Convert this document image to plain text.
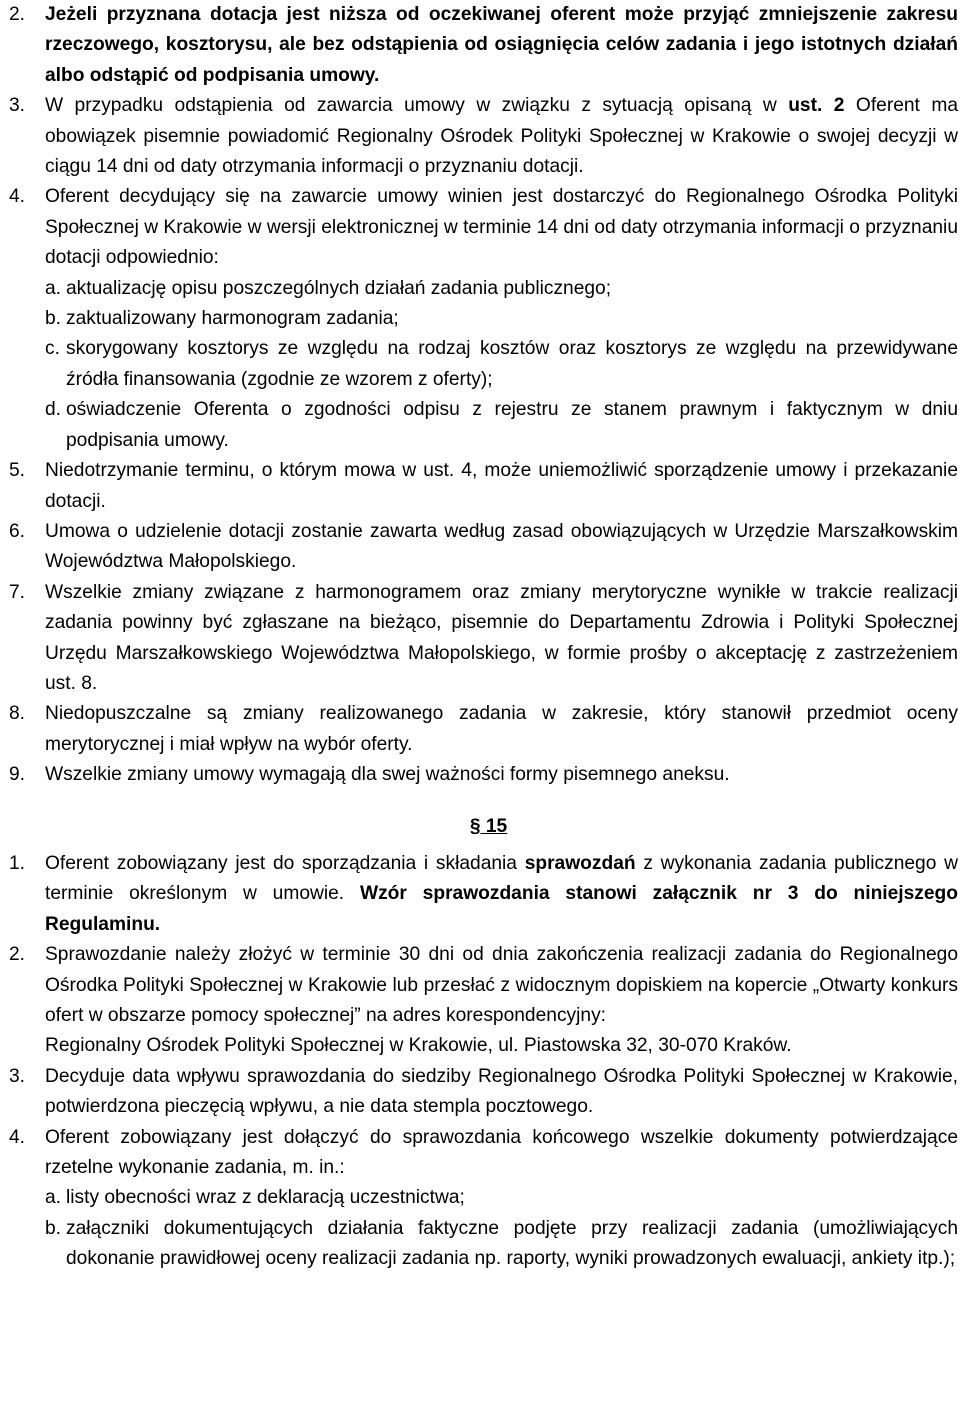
2. Jeżeli przyznana dotacja jest niższa od oczekiwanej oferent może przyjąć zmniejszenie zakresu rzeczowego, kosztorysu, ale bez odstąpienia od osiągnięcia celów zadania i jego istotnych działań albo odstąpić od podpisania umowy.
3. W przypadku odstąpienia od zawarcia umowy w związku z sytuacją opisaną w ust. 2 Oferent ma obowiązek pisemnie powiadomić Regionalny Ośrodek Polityki Społecznej w Krakowie o swojej decyzji w ciągu 14 dni od daty otrzymania informacji o przyznaniu dotacji.
4. Oferent decydujący się na zawarcie umowy winien jest dostarczyć do Regionalnego Ośrodka Polityki Społecznej w Krakowie w wersji elektronicznej w terminie 14 dni od daty otrzymania informacji o przyznaniu dotacji odpowiednio:
a. aktualizację opisu poszczególnych działań zadania publicznego;
b. zaktualizowany harmonogram zadania;
c. skorygowany kosztorys ze względu na rodzaj kosztów oraz kosztorys ze względu na przewidywane źródła finansowania (zgodnie ze wzorem z oferty);
d. oświadczenie Oferenta o zgodności odpisu z rejestru ze stanem prawnym i faktycznym w dniu podpisania umowy.
5. Niedotrzymanie terminu, o którym mowa w ust. 4, może uniemożliwić sporządzenie umowy i przekazanie dotacji.
6. Umowa o udzielenie dotacji zostanie zawarta według zasad obowiązujących w Urzędzie Marszałkowskim Województwa Małopolskiego.
7. Wszelkie zmiany związane z harmonogramem oraz zmiany merytoryczne wynikłe w trakcie realizacji zadania powinny być zgłaszane na bieżąco, pisemnie do Departamentu Zdrowia i Polityki Społecznej Urzędu Marszałkowskiego Województwa Małopolskiego, w formie prośby o akceptację z zastrzeżeniem ust. 8.
8. Niedopuszczalne są zmiany realizowanego zadania w zakresie, który stanowił przedmiot oceny merytorycznej i miał wpływ na wybór oferty.
9. Wszelkie zmiany umowy wymagają dla swej ważności formy pisemnego aneksu.
§ 15
1. Oferent zobowiązany jest do sporządzania i składania sprawozdań z wykonania zadania publicznego w terminie określonym w umowie. Wzór sprawozdania stanowi załącznik nr 3 do niniejszego Regulaminu.
2. Sprawozdanie należy złożyć w terminie 30 dni od dnia zakończenia realizacji zadania do Regionalnego Ośrodka Polityki Społecznej w Krakowie lub przesłać z widocznym dopiskiem na kopercie „Otwarty konkurs ofert w obszarze pomocy społecznej” na adres korespondencyjny:
Regionalny Ośrodek Polityki Społecznej w Krakowie, ul. Piastowska 32, 30-070 Kraków.
3. Decyduje data wpływu sprawozdania do siedziby Regionalnego Ośrodka Polityki Społecznej w Krakowie, potwierdzona pieczęcią wpływu, a nie data stempla pocztowego.
4. Oferent zobowiązany jest dołączyć do sprawozdania końcowego wszelkie dokumenty potwierdzające rzetelne wykonanie zadania, m. in.:
a. listy obecności wraz z deklaracją uczestnictwa;
b. załączniki dokumentujących działania faktyczne podjęte przy realizacji zadania (umożliwiających dokonanie prawidłowej oceny realizacji zadania np. raporty, wyniki prowadzonych ewaluacji, ankiety itp.);
